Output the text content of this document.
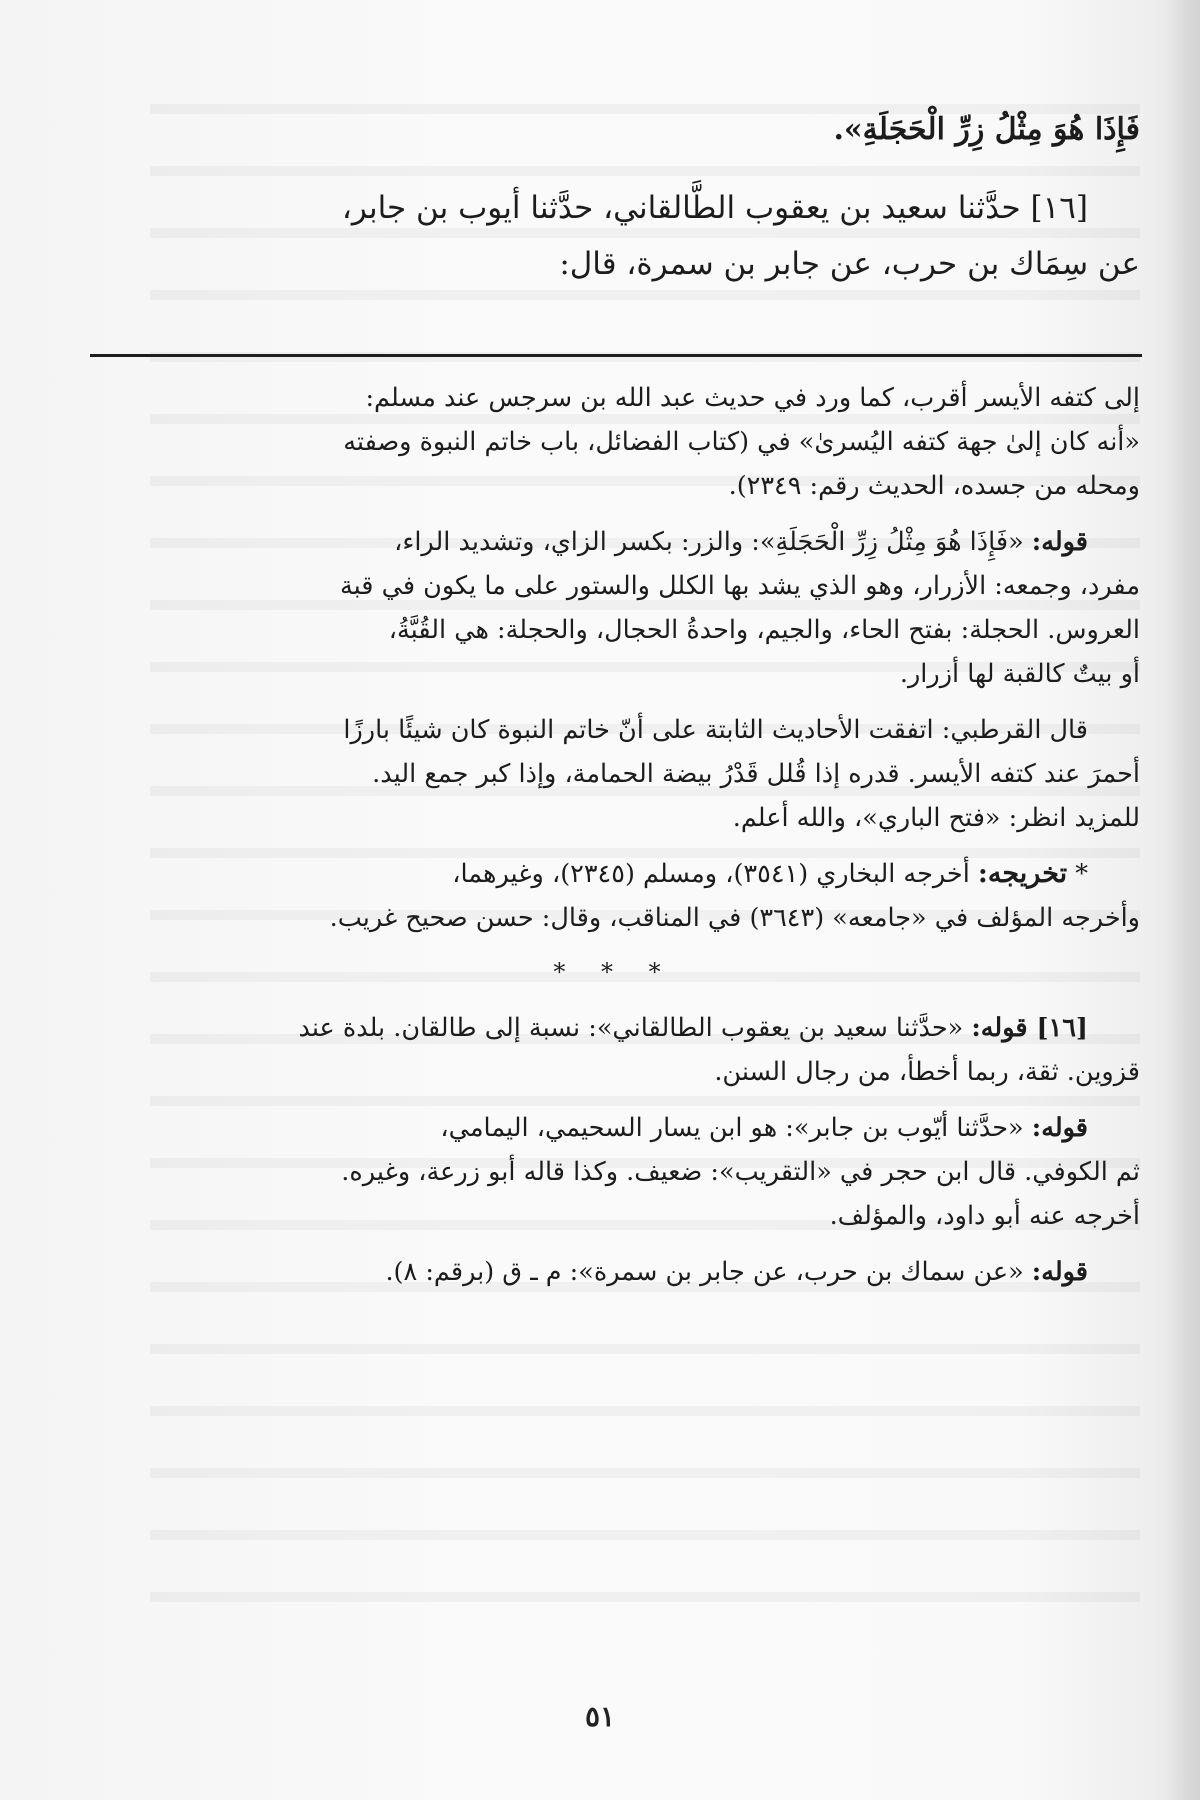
فَإِذَا هُوَ مِثْلُ زِرِّ الْحَجَلَةِ».
[١٦] حدَّثنا سعيد بن يعقوب الطَّالقاني، حدَّثنا أيوب بن جابر،
عن سِمَاك بن حرب، عن جابر بن سمرة، قال:
إلى كتفه الأيسر أقرب، كما ورد في حديث عبد الله بن سرجس عند مسلم:
«أنه كان إلىٰ جهة كتفه اليُسرىٰ» في (كتاب الفضائل، باب خاتم النبوة وصفته
ومحله من جسده، الحديث رقم: ٢٣٤٩).
قوله: «فَإِذَا هُوَ مِثْلُ زِرِّ الْحَجَلَةِ»: والزر: بكسر الزاي، وتشديد الراء،
مفرد، وجمعه: الأزرار، وهو الذي يشد بها الكلل والستور على ما يكون في قبة
العروس. الحجلة: بفتح الحاء، والجيم، واحدةُ الحجال، والحجلة: هي القُبَّةُ،
أو بيتٌ كالقبة لها أزرار.
قال القرطبي: اتفقت الأحاديث الثابتة على أنّ خاتم النبوة كان شيئًا بارزًا
أحمرَ عند كتفه الأيسر. قدره إذا قُلل قَدْرُ بيضة الحمامة، وإذا كبر جمع اليد.
للمزيد انظر: «فتح الباري»، والله أعلم.
* تخريجه: أخرجه البخاري (٣٥٤١)، ومسلم (٢٣٤٥)، وغيرهما،
وأخرجه المؤلف في «جامعه» (٣٦٤٣) في المناقب، وقال: حسن صحيح غريب.
* * *
[١٦] قوله: «حدَّثنا سعيد بن يعقوب الطالقاني»: نسبة إلى طالقان. بلدة عند
قزوين. ثقة، ربما أخطأ، من رجال السنن.
قوله: «حدَّثنا أيّوب بن جابر»: هو ابن يسار السحيمي، اليمامي،
ثم الكوفي. قال ابن حجر في «التقريب»: ضعيف. وكذا قاله أبو زرعة، وغيره.
أخرجه عنه أبو داود، والمؤلف.
قوله: «عن سماك بن حرب، عن جابر بن سمرة»: م ـ ق (برقم: ٨).
٥١
